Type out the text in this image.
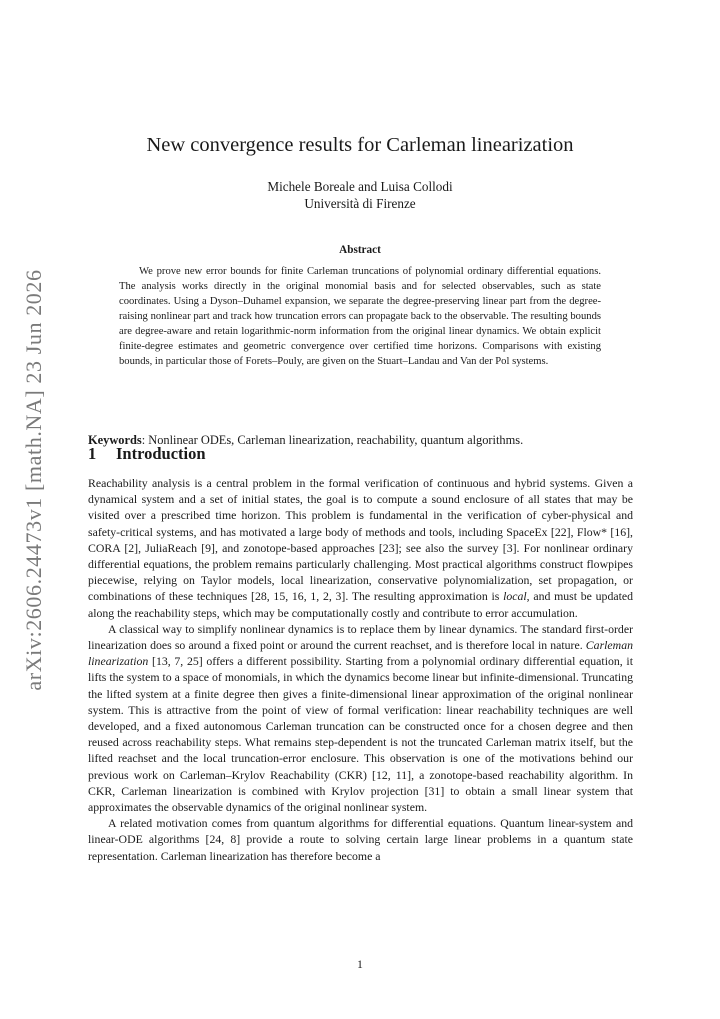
arXiv:2606.24473v1 [math.NA] 23 Jun 2026
New convergence results for Carleman linearization
Michele Boreale and Luisa Collodi
Università di Firenze
Abstract

We prove new error bounds for finite Carleman truncations of polynomial ordinary differential equations. The analysis works directly in the original monomial basis and for selected observables, such as state coordinates. Using a Dyson–Duhamel expansion, we separate the degree-preserving linear part from the degree-raising nonlinear part and track how truncation errors can propagate back to the observable. The resulting bounds are degree-aware and retain logarithmic-norm information from the original linear dynamics. We obtain explicit finite-degree estimates and geometric convergence over certified time horizons. Comparisons with existing bounds, in particular those of Forets–Pouly, are given on the Stuart–Landau and Van der Pol systems.

Keywords: Nonlinear ODEs, Carleman linearization, reachability, quantum algorithms.

1 Introduction

Reachability analysis is a central problem in the formal verification of continuous and hybrid systems. Given a dynamical system and a set of initial states, the goal is to compute a sound enclosure of all states that may be visited over a prescribed time horizon. This problem is fundamental in the verification of cyber-physical and safety-critical systems, and has motivated a large body of methods and tools, including SpaceEx [22], Flow* [16], CORA [2], JuliaReach [9], and zonotope-based approaches [23]; see also the survey [3]. For nonlinear ordinary differential equations, the problem remains particularly challenging. Most practical algorithms construct flowpipes piecewise, relying on Taylor models, local linearization, conservative polynomialization, set propagation, or combinations of these techniques [28, 15, 16, 1, 2, 3]. The resulting approximation is local, and must be updated along the reachability steps, which may be computationally costly and contribute to error accumulation.

A classical way to simplify nonlinear dynamics is to replace them by linear dynamics. The standard first-order linearization does so around a fixed point or around the current reachset, and is therefore local in nature. Carleman linearization [13, 7, 25] offers a different possibility. Starting from a polynomial ordinary differential equation, it lifts the system to a space of monomials, in which the dynamics become linear but infinite-dimensional. Truncating the lifted system at a finite degree then gives a finite-dimensional linear approximation of the original nonlinear system. This is attractive from the point of view of formal verification: linear reachability techniques are well developed, and a fixed autonomous Carleman truncation can be constructed once for a chosen degree and then reused across reachability steps. What remains step-dependent is not the truncated Carleman matrix itself, but the lifted reachset and the local truncation-error enclosure. This observation is one of the motivations behind our previous work on Carleman–Krylov Reachability (CKR) [12, 11], a zonotope-based reachability algorithm. In CKR, Carleman linearization is combined with Krylov projection [31] to obtain a small linear system that approximates the observable dynamics of the original nonlinear system.

A related motivation comes from quantum algorithms for differential equations. Quantum linear-system and linear-ODE algorithms [24, 8] provide a route to solving certain large linear problems in a quantum state representation. Carleman linearization has therefore become a

1
